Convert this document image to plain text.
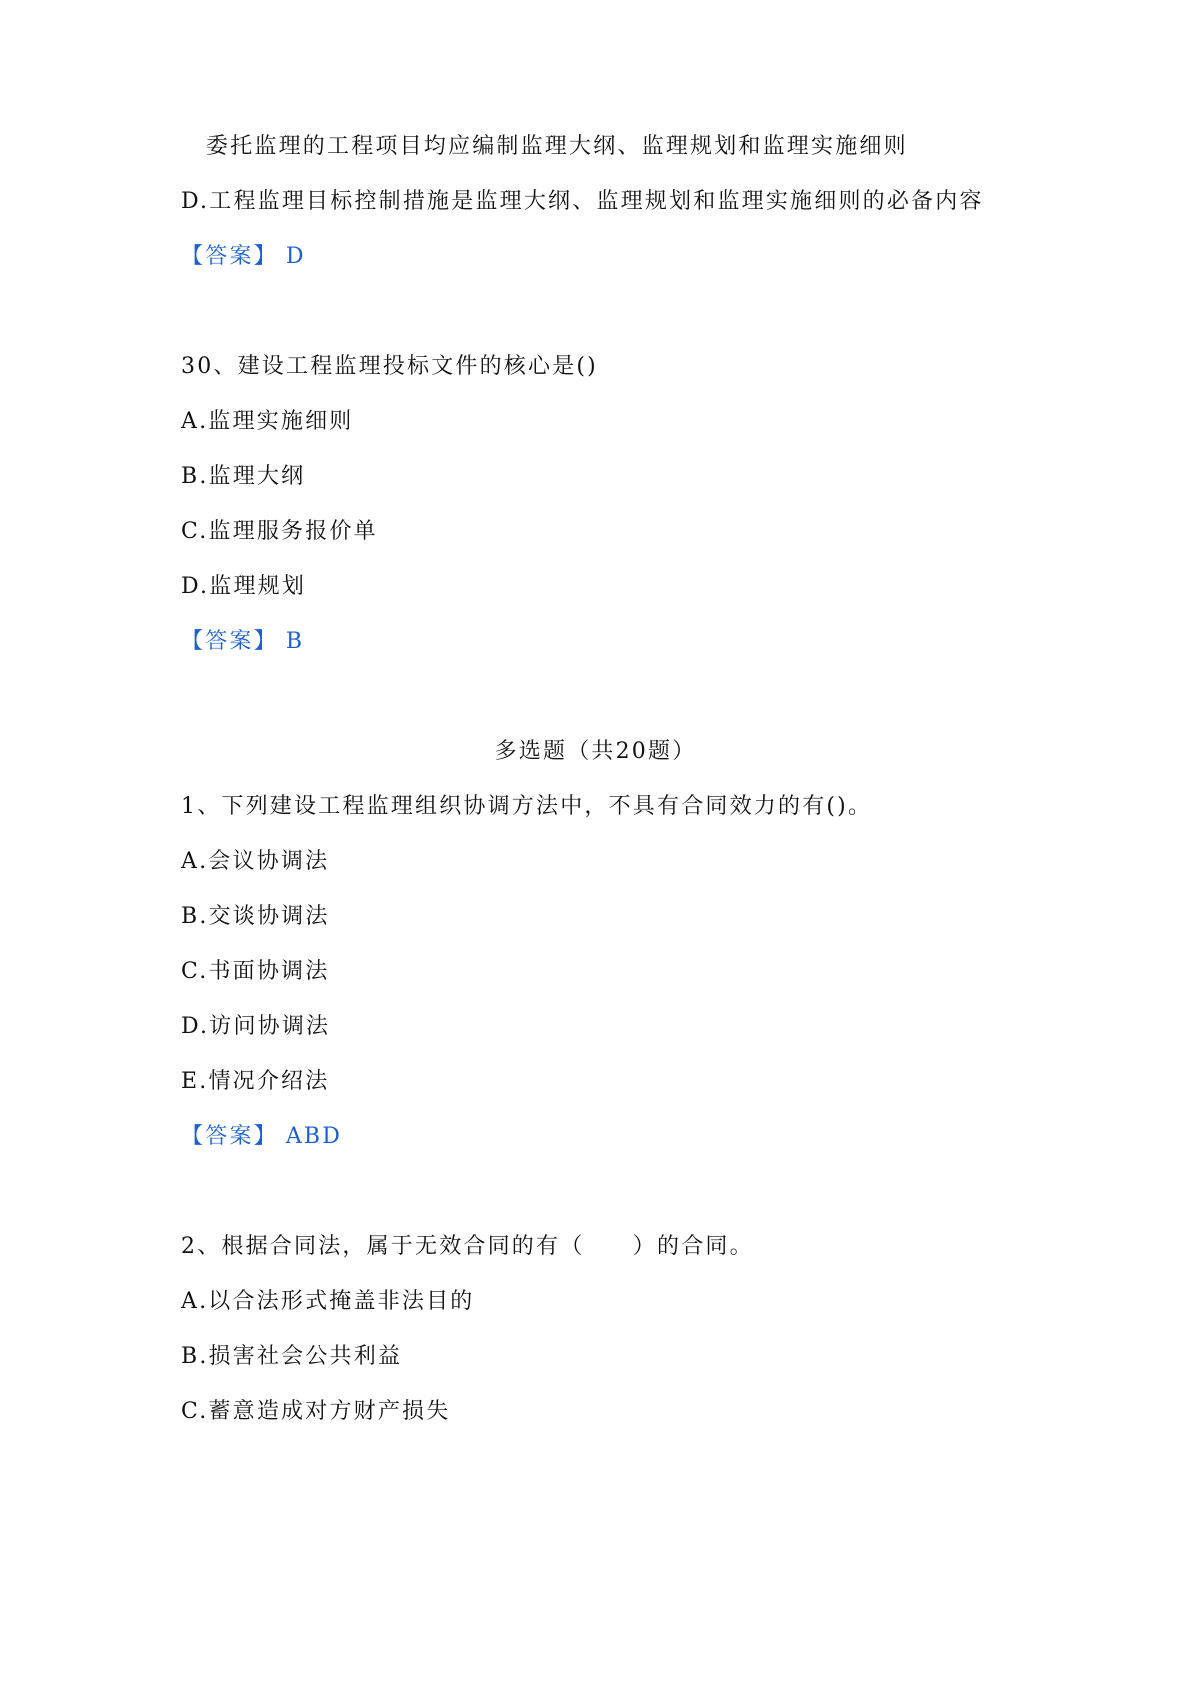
委托监理的工程项目均应编制监理大纲、监理规划和监理实施细则
D.工程监理目标控制措施是监理大纲、监理规划和监理实施细则的必备内容
【答案】 D
30、建设工程监理投标文件的核心是()
A.监理实施细则
B.监理大纲
C.监理服务报价单
D.监理规划
【答案】 B
多选题（共20题）
1、下列建设工程监理组织协调方法中，不具有合同效力的有()。
A.会议协调法
B.交谈协调法
C.书面协调法
D.访问协调法
E.情况介绍法
【答案】 ABD
2、根据合同法，属于无效合同的有（　　）的合同。
A.以合法形式掩盖非法目的
B.损害社会公共利益
C.蓄意造成对方财产损失
